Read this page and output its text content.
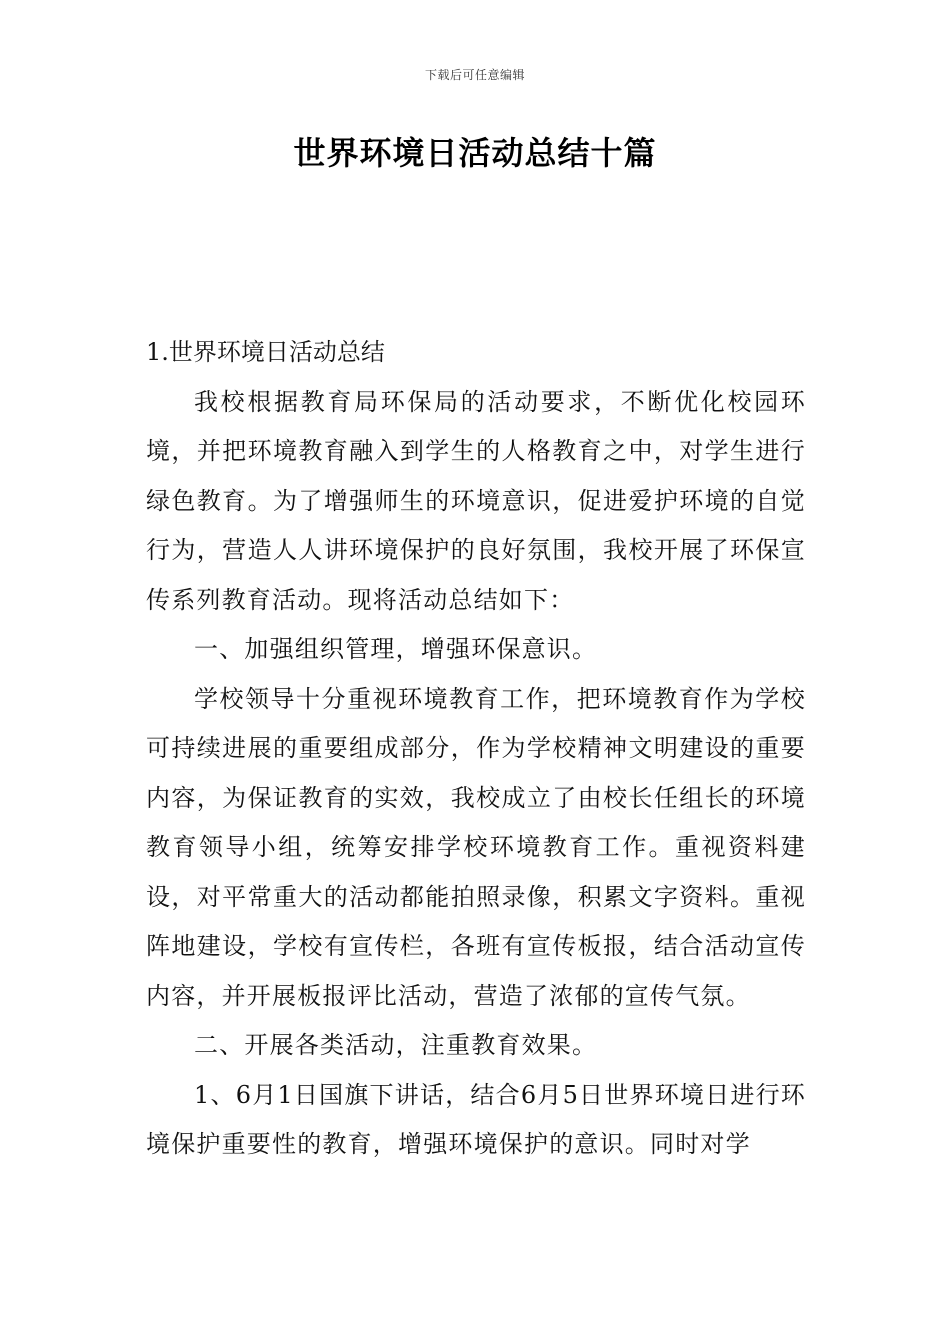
下载后可任意编辑
世界环境日活动总结十篇

1.世界环境日活动总结

我校根据教育局环保局的活动要求，不断优化校园环境，并把环境教育融入到学生的人格教育之中，对学生进行绿色教育。为了增强师生的环境意识，促进爱护环境的自觉行为，营造人人讲环境保护的良好氛围，我校开展了环保宣传系列教育活动。现将活动总结如下：

一、加强组织管理，增强环保意识。

学校领导十分重视环境教育工作，把环境教育作为学校可持续进展的重要组成部分，作为学校精神文明建设的重要内容，为保证教育的实效，我校成立了由校长任组长的环境教育领导小组，统筹安排学校环境教育工作。重视资料建设，对平常重大的活动都能拍照录像，积累文字资料。重视阵地建设，学校有宣传栏，各班有宣传板报，结合活动宣传内容，并开展板报评比活动，营造了浓郁的宣传气氛。

二、开展各类活动，注重教育效果。

1、6月1日国旗下讲话，结合6月5日世界环境日进行环境保护重要性的教育，增强环境保护的意识。同时对学
